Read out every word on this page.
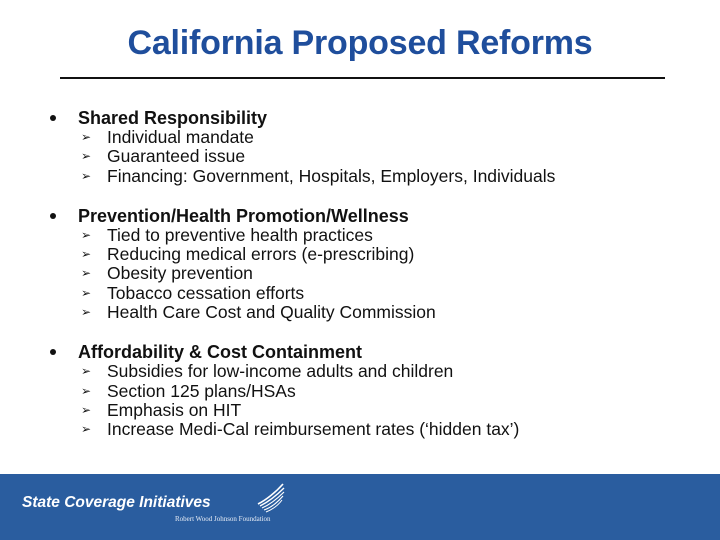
California Proposed Reforms
Shared Responsibility
➢ Individual mandate
➢ Guaranteed issue
➢ Financing: Government, Hospitals, Employers, Individuals
Prevention/Health Promotion/Wellness
➢ Tied to preventive health practices
➢ Reducing medical errors (e-prescribing)
➢ Obesity prevention
➢ Tobacco cessation efforts
➢ Health Care Cost and Quality Commission
Affordability & Cost Containment
➢ Subsidies for low-income adults and children
➢ Section 125 plans/HSAs
➢ Emphasis on HIT
➢ Increase Medi-Cal reimbursement rates (‘hidden tax’)
State Coverage Initiatives
Robert Wood Johnson Foundation
